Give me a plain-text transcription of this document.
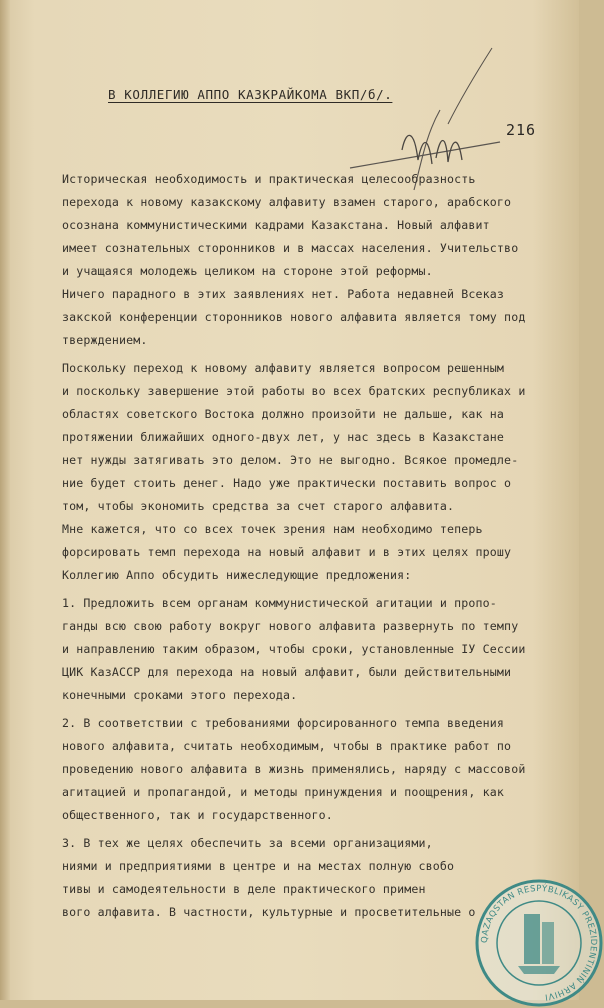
В КОЛЛЕГИЮ АППО КАЗКРАЙКОМА ВКП/б/.
216
Историческая необходимость и практическая целесообразность
перехода к новому казакскому алфавиту взамен старого, арабского
осознана коммунистическими кадрами Казакстана. Новый алфавит
имеет сознательных сторонников и в массах населения. Учительство
и учащаяся молодежь целиком на стороне этой реформы.
Ничего парадного в этих заявлениях нет. Работа недавней Всеказ
закской конференции сторонников нового алфавита является тому под
тверждением.
Поскольку переход к новому алфавиту является вопросом решенным
и поскольку завершение этой работы во всех братских республиках и
областях советского Востока должно произойти не дальше, как на
протяжении ближайших одного-двух лет, у нас здесь в Казакстане
нет нужды затягивать это делом. Это не выгодно. Всякое промедле-
ние будет стоить денег. Надо уже практически поставить вопрос о
том, чтобы экономить средства за счет старого алфавита.
Мне кажется, что со всех точек зрения нам необходимо теперь
форсировать темп перехода на новый алфавит и в этих целях прошу
Коллегию Аппо обсудить нижеследующие предложения:
1. Предложить всем органам коммунистической агитации и пропо-
ганды всю свою работу вокруг нового алфавита развернуть по темпу
и направлению таким образом, чтобы сроки, установленные IУ Сессии
ЦИК КазАССР для перехода на новый алфавит, были действительными
конечными сроками этого перехода.
2. В соответствии с требованиями форсированного темпа введения
нового алфавита, считать необходимым, чтобы в практике работ по
проведению нового алфавита в жизнь применялись, наряду с массовой
агитацией и пропагандой, и методы принуждения и поощрения, как
общественного, так и государственного.
3. В тех же целях обеспечить за всеми организациями,
ниями и предприятиями в центре и на местах полную свобо
тивы и самодеятельности в деле практического примен
вого алфавита. В частности, культурные и просветительные о
QAZAQSTAN RESPÝBLIKASY PREZIDENTINIŃ ARHIVI
